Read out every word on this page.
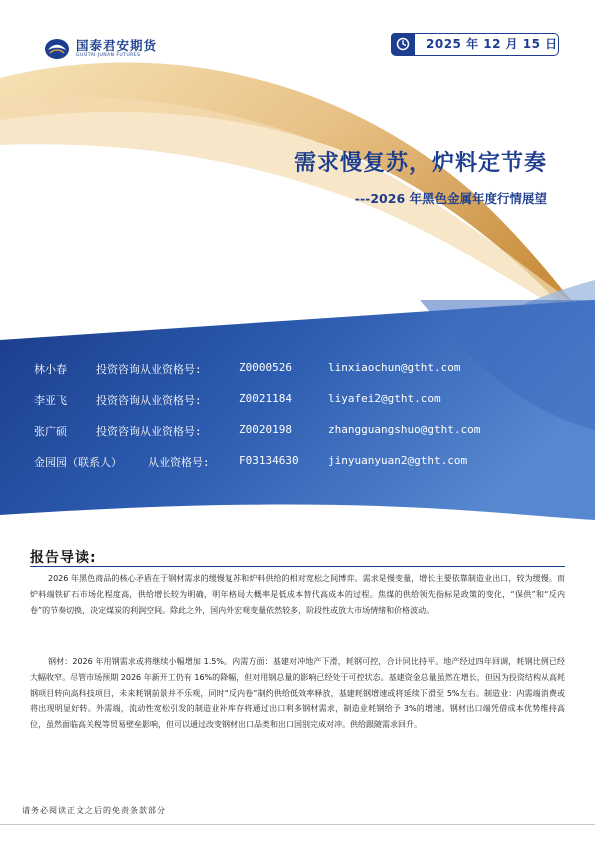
国泰君安期货
GUOTAI JUNAN FUTURES
2025 年 12 月 15 日
需求慢复苏，炉料定节奏
---2026 年黑色金属年度行情展望
林小春	投资咨询从业资格号:	Z0000526	linxiaochun@gtht.com
李亚飞	投资咨询从业资格号:	Z0021184	liyafei2@gtht.com
张广硕	投资咨询从业资格号:	Z0020198	zhangguangshuo@gtht.com
金园园（联系人） 从业资格号:	F03134630	jinyuanyuan2@gtht.com
报告导读:

2026 年黑色商品的核心矛盾在于钢材需求的缓慢复苏和炉料供给的相对宽松之间博弈。需求是慢变量，增长主要依靠制造业出口，较为缓慢。而炉料端铁矿石市场化程度高，供给增长较为明确，明年格局大概率是低成本替代高成本的过程。焦煤的供给领先指标是政策的变化，“保供”和“反内卷”的节奏切换，决定煤炭的利润空间。除此之外，国内外宏观变量依然较多，阶段性或放大市场情绪和价格波动。

钢材：2026 年用钢需求或将继续小幅增加 1.5%。内需方面：基建对冲地产下滑，耗钢可控，合计同比持平。地产经过四年回调，耗钢比例已经大幅收窄。尽管市场预期 2026 年新开工仍有 16%的降幅，但对用钢总量的影响已经处于可控状态。基建资金总量虽然在增长，但因为投资结构从高耗钢项目转向高科技项目，未来耗钢前景并不乐观，同时“反内卷”制约供给低效率释放，基建耗钢增速或将延续下滑至 5%左右。制造业：内需端消费或将出现明显好转。外需端，流动性宽松引发的制造业补库存将通过出口利多钢材需求，制造业耗钢给予 3%的增速。钢材出口端凭借成本优势维持高位，虽然面临高关税等贸易壁垒影响，但可以通过改变钢材出口品类和出口国别完成对冲。供给跟随需求回升。

请务必阅读正文之后的免责条款部分
